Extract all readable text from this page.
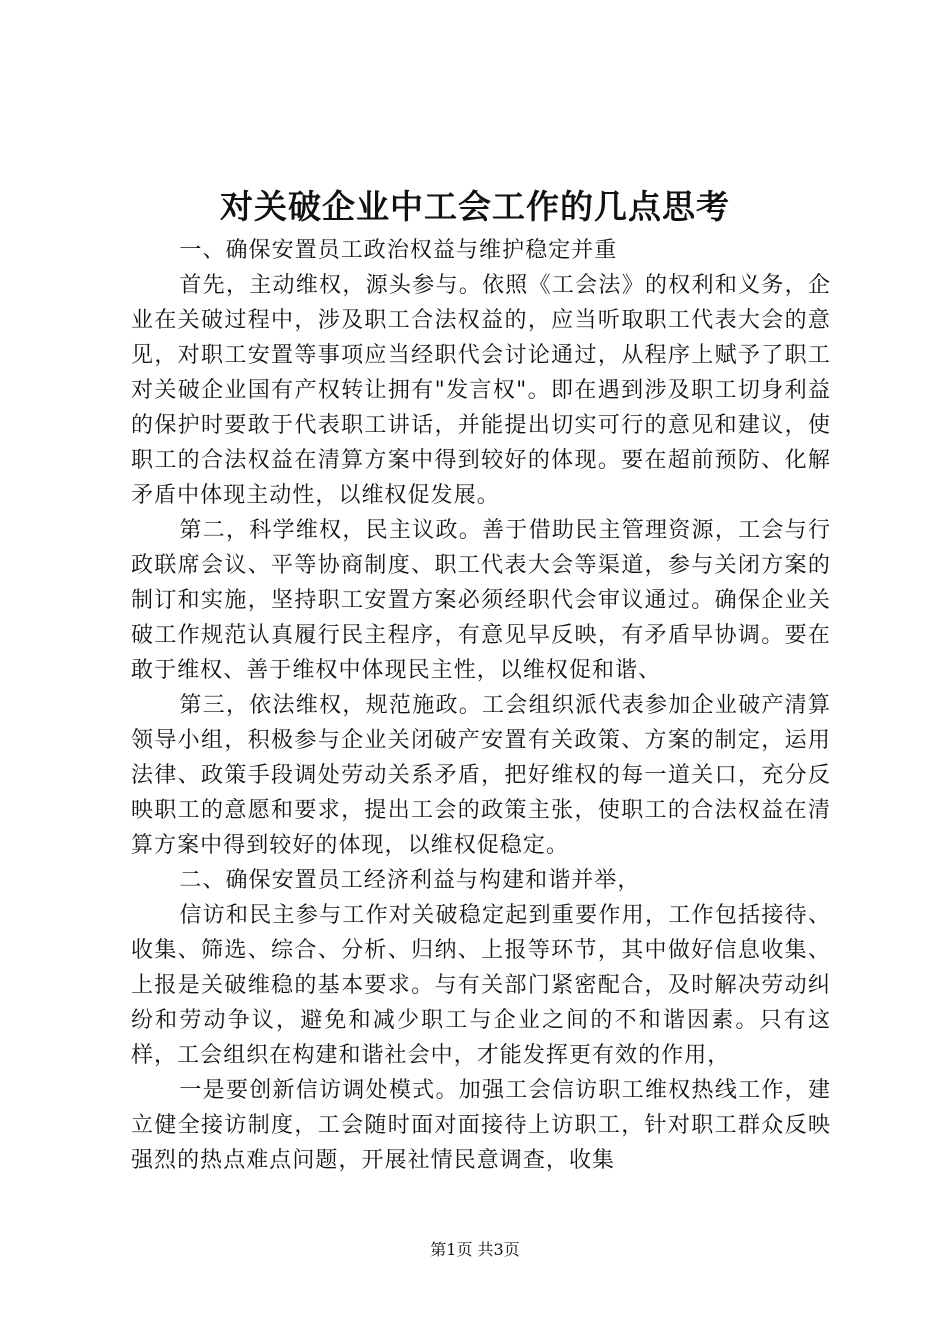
对关破企业中工会工作的几点思考

一、确保安置员工政治权益与维护稳定并重

首先，主动维权，源头参与。依照《工会法》的权利和义务，企业在关破过程中，涉及职工合法权益的，应当听取职工代表大会的意见，对职工安置等事项应当经职代会讨论通过，从程序上赋予了职工对关破企业国有产权转让拥有"发言权"。即在遇到涉及职工切身利益的保护时要敢于代表职工讲话，并能提出切实可行的意见和建议，使职工的合法权益在清算方案中得到较好的体现。要在超前预防、化解矛盾中体现主动性，以维权促发展。

第二，科学维权，民主议政。善于借助民主管理资源，工会与行政联席会议、平等协商制度、职工代表大会等渠道，参与关闭方案的制订和实施，坚持职工安置方案必须经职代会审议通过。确保企业关破工作规范认真履行民主程序，有意见早反映，有矛盾早协调。要在敢于维权、善于维权中体现民主性，以维权促和谐、

第三，依法维权，规范施政。工会组织派代表参加企业破产清算领导小组，积极参与企业关闭破产安置有关政策、方案的制定，运用法律、政策手段调处劳动关系矛盾，把好维权的每一道关口，充分反映职工的意愿和要求，提出工会的政策主张，使职工的合法权益在清算方案中得到较好的体现，以维权促稳定。

二、确保安置员工经济利益与构建和谐并举，

信访和民主参与工作对关破稳定起到重要作用，工作包括接待、收集、筛选、综合、分析、归纳、上报等环节，其中做好信息收集、上报是关破维稳的基本要求。与有关部门紧密配合，及时解决劳动纠纷和劳动争议，避免和减少职工与企业之间的不和谐因素。只有这样，工会组织在构建和谐社会中，才能发挥更有效的作用，

一是要创新信访调处模式。加强工会信访职工维权热线工作，建立健全接访制度，工会随时面对面接待上访职工，针对职工群众反映强烈的热点难点问题，开展社情民意调查，收集

第1页 共3页
